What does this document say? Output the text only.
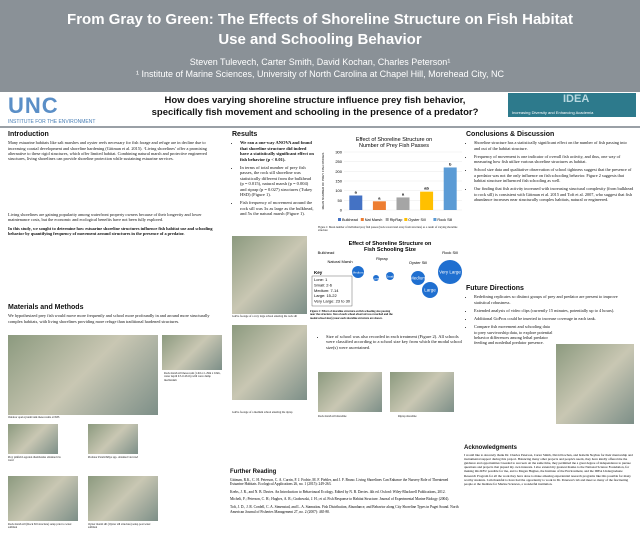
From Gray to Green: The Effects of Shoreline Structure on Fish Habitat
Use and Schooling Behavior
Steven Tulevech, Carter Smith, David Kochan, Charles Peterson¹
¹ Institute of Marine Sciences, University of North Carolina at Chapel Hill, Morehead City, NC
UNC
INSTITUTE FOR THE ENVIRONMENT
IDEA
Increasing Diversity and Enhancing Academia
How does varying shoreline structure influence prey fish behavior,
specifically fish movement and schooling in the presence of a predator?
Introduction

Many estuarine habitats like salt marshes and oyster reefs necessary for fish forage and refuge are in decline due to increasing coastal development and shoreline hardening (Gittman et al. 2015). ‘Living shorelines’ offer a promising alternative to these rigid structures, which offer limited habitat. Combining natural marsh and protective engineered structures, living shorelines can provide shoreline protection while sustaining estuarine services.

Living shorelines are gaining popularity among waterfront property owners because of their longevity and lower maintenance costs, but the economic and ecological benefits have not been fully explored.

In this study, we sought to determine how estuarine shoreline structures influence fish habitat use and schooling behavior by quantifying frequency of movement around structures in the presence of a predator.

Materials and Methods

We hypothesized prey fish would move more frequently and school more profoundly in and around more structurally complex habitats, with living shorelines providing more refuge than traditional hardened structures.

Outdoor open system tank mesocosms at IMS
Rock marsh sill mesocosm (1.6m x 1.29m x 0.6m, water depth 0.3-0.45cm) with wave dump mechanism
Prey pinfish Lagodon rhomboides obtained via trawl
Predator Paralichthys spp. obtained via trawl
Rock marsh sill (Rock Sill structure) setup prior to water addition
Oyster marsh sill (Oyster sill structure) setup post water addition
Results
• We ran a one-way ANOVA and found that shoreline structure did indeed have a statistically significant effect on fish behavior (p < 0.01).
• In terms of total number of prey fish passes, the rock sill shoreline was statistically different from the bulkhead (p = 0.015), natural marsh (p = 0.004) and riprap (p = 0.027) structures (Tukey HSD) (Figure 1).
• Fish frequency of movement around the rock sill was 3x as large as the bulkhead, and 5x the natural marsh (Figure 1).
Effect of Shoreline Structure on
Number of Prey Fish Passes
0
50
100
150
200
250
300
MEAN NUMBER OF PREY FISH PASSES	a
a
a
ab
b
Bulkhead Nat Marsh RipRap Oyster Sill	Rock Sill
Figure 1: Mean number of individual prey fish passes (back toward and away from structure) as a result of varying shoreline structure
Effect of Shoreline Structure on
Fish Schooling Size
Bulkhead
Natural Marsh
Riprap
Oyster Sill
Rock Sill
Key
Lone: 1
Small: 2-6
Medium: 7-14
Large: 15-22
Very Large: 23 to 30
Medium
Lone Small	Medium
Very Large
Large
Figure 2: Effect of shoreline structure on fish schooling size passing near the structure. Size of each school observed was recorded and the modal school size(s) near each shoreline structure are shown.
GoPro footage of a very large school entering the rock sill
GoPro footage of a medium school entering the riprap
• Size of school was also recorded in each treatment (Figure 2). All schools were classified according to a school size key from which the modal school size(s) were ascertained.
Rock marsh sill shoreline	Riprap shoreline
Further Reading

Gittman, R.K., C. H. Peterson, C. A. Currin, F. J. Fodrie, M. F. Piehler, and J. F. Bruno. Living Shorelines Can Enhance the Nursery Role of Threatened Estuarine Habitats. Ecological Applications 26, no. 1 (2015): 249-263.

Krebs, J. R., and N. B. Davies. An Introduction to Behavioural Ecology. Edited by N. B. Davies. 4th ed. Oxford: Wiley-Blackwell Publications, 2012.

Micheli, F.; Peterson, C. H.; Hughes, A. R.; Grabowski, J. H.; et al. Fish Response to Habitat Structure. Journal of Experimental Marine Biology (2004).

Toft, J. D., J. R. Cordell, C. A. Simenstad, and L. A. Stamatiou. Fish Distribution, Abundance, and Behavior along City Shoreline Types in Puget Sound. North American Journal of Fisheries Management 27, no. 2 (2007): 465-80.

Conclusions & Discussion
• Shoreline structure has a statistically significant effect on the number of fish passing into and out of the habitat structure.
• Frequency of movement is one indicator of overall fish activity, and thus, one way of measuring how fish utilize various shoreline structures as habitat.
• School size data and qualitative observation of school tightness suggest that the presence of a predator was not the only influence on fish schooling behavior. Figure 2 suggests that habitat structure influenced fish schooling as well.
• Our finding that fish activity increased with increasing structural complexity (from bulkhead to rock sill) is consistent with Gittman et al. 2015 and Toft et al. 2007, who suggest that fish abundance increases near structurally complex habitats, natural or engineered.
Future Directions
• Redefining replicates so distinct groups of prey and predator are present to improve statistical robustness.
• Extended analysis of video clips (currently 15 minutes, potentially up to 4 hours).
• Additional GoPros could be inserted to increase coverage in each tank.
• Compare fish movement and schooling data to prey survivorship data, to explore potential behavior differences among lethal predator feeding and nonlethal predator presence.
Acknowledgments

I would like to sincerely thank Dr. Charles Peterson, Carter Smith, David Kochan, and Isabella Neyhus for their mentorship and instrumental support during this project. Balancing many other projects and people's needs, they have kindly offered me the guidance and opportunities I needed to succeed. At the same time, they permitted me a great degree of independence to pursue questions and projects that piqued my own interests. I also extend my greatest thanks to the National Science Foundation, for making this REU possible for me, and to Megan Hughes, the Institute of the Environment, and the IDEA Undergraduate Research Program for all the work they have done to make amazing experiential research programs like this possible for many worthy students. I am thankful to have had the opportunity to work in Dr. Peterson's lab and meet so many of the fascinating people at the Institute for Marine Sciences, a wonderful institution.
